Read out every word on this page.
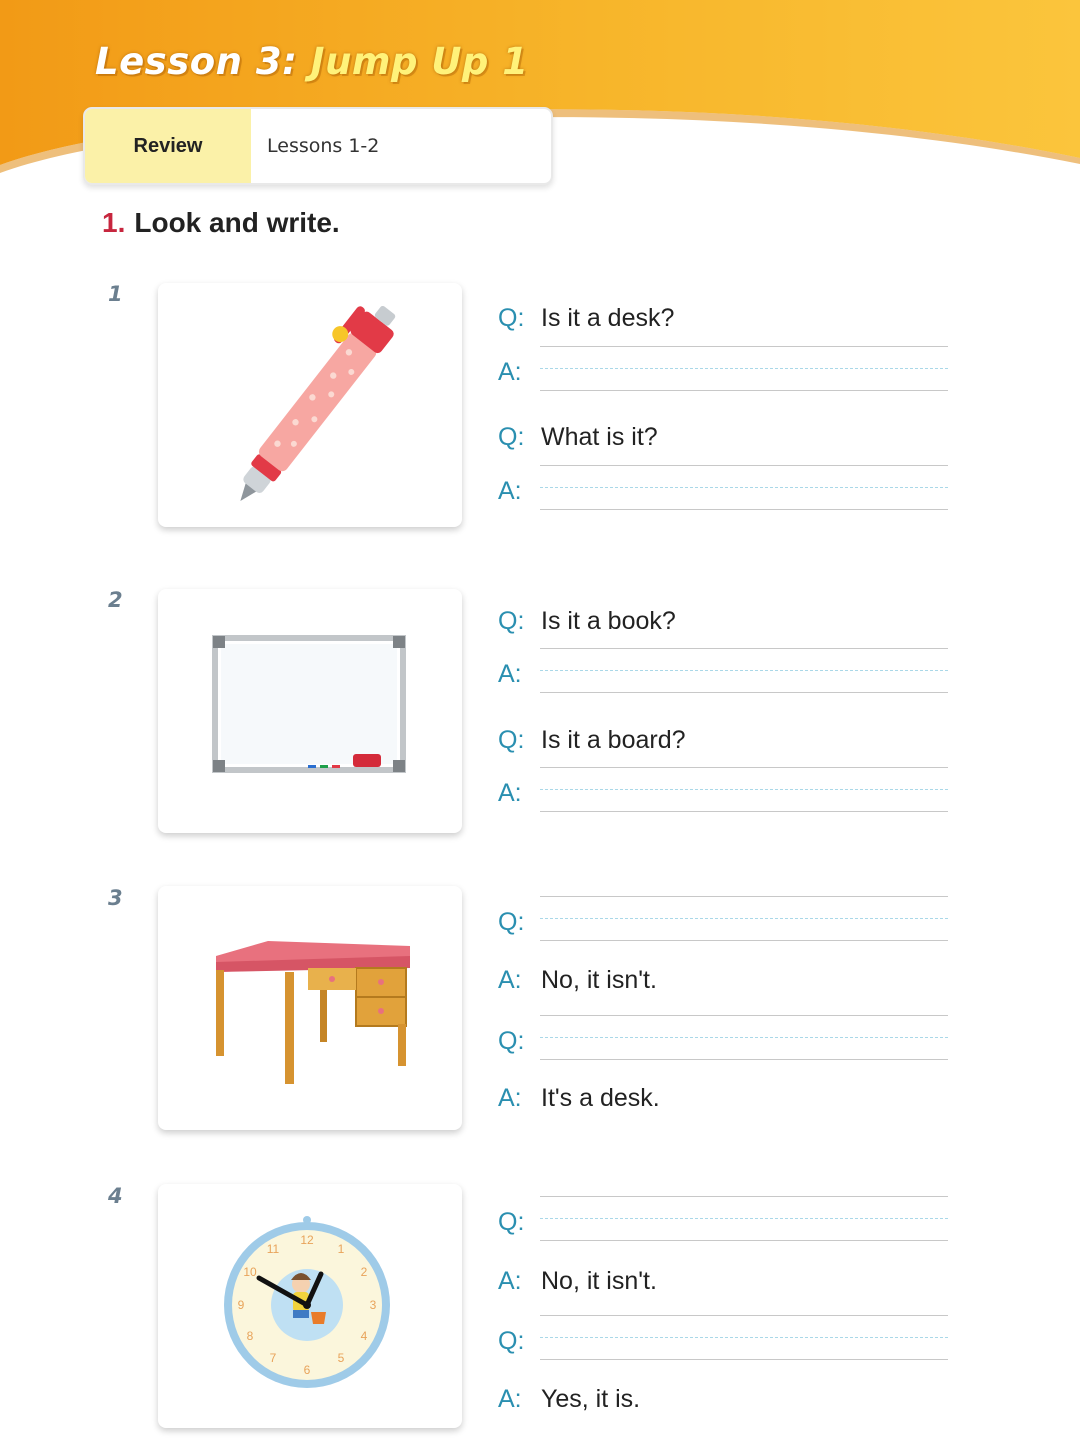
Lesson 3: Jump Up 1
Review	Lessons 1-2
1. Look and write.
1
Q: Is it a desk?
A:
Q: What is it?
A:
2
Q: Is it a book?
A:
Q: Is it a board?
A:
3
Q:
A: No, it isn't.
Q:
A: It's a desk.
4
12
1
2
3
4
5
6
7
8
9
10
11
Q:
A: No, it isn't.
Q:
A: Yes, it is.
